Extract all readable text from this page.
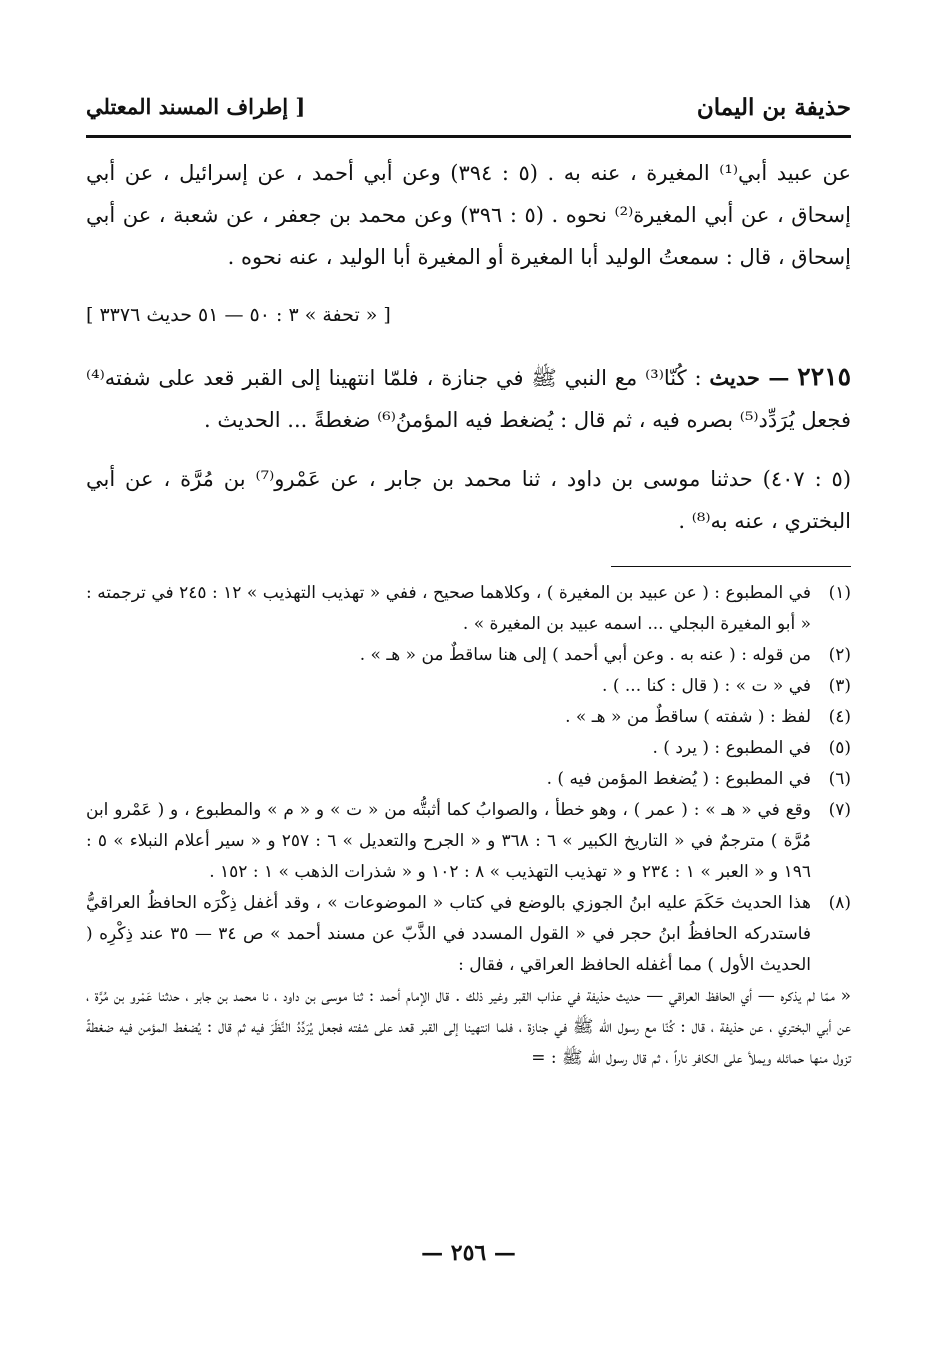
حذيفة بن اليمان
[ إطراف المسند المعتلي
عن عبيد أبي⁽¹⁾ المغيرة ، عنه به . (٥ : ٣٩٤) وعن أبي أحمد ، عن إسرائيل ، عن أبي إسحاق ، عن أبي المغيرة⁽²⁾ نحوه . (٥ : ٣٩٦) وعن محمد بن جعفر ، عن شعبة ، عن أبي إسحاق ، قال : سمعتُ الوليد أبا المغيرة أو المغيرة أبا الوليد ، عنه نحوه .
[ « تحفة » ٣ : ٥٠ — ٥١ حديث ٣٣٧٦ ]
٢٢١٥ — حديث : كُنّا⁽³⁾ مع النبي ﷺ في جنازة ، فلمّا انتهينا إلى القبر قعد على شفته⁽⁴⁾ فجعل يُرَدِّد⁽⁵⁾ بصره فيه ، ثم قال : يُضغط فيه المؤمنُ⁽⁶⁾ ضغطةً ... الحديث .
(٥ : ٤٠٧) حدثنا موسى بن داود ، ثنا محمد بن جابر ، عن عَمْرو⁽⁷⁾ بن مُرَّة ، عن أبي البختري ، عنه به⁽⁸⁾ .
(١)
في المطبوع : ( عن عبيد بن المغيرة ) ، وكلاهما صحيح ، ففي « تهذيب التهذيب » ١٢ : ٢٤٥ في ترجمته : « أبو المغيرة البجلي ... اسمه عبيد بن المغيرة » .
(٢)
من قوله : ( عنه به . وعن أبي أحمد ) إلى هنا ساقطٌ من « هـ » .
(٣)
في « ت » : ( قال : كنا ... ) .
(٤)
لفظ : ( شفته ) ساقطٌ من « هـ » .
(٥)
في المطبوع : ( يرد ) .
(٦)
في المطبوع : ( يُضغط المؤمن فيه ) .
(٧)
وقع في « هـ » : ( عمر ) ، وهو خطأ ، والصوابُ كما أثبتُّه من « ت » و « م » والمطبوع ، و ( عَمْرو ابن مُرَّة ) مترجمٌ في « التاريخ الكبير » ٦ : ٣٦٨ و « الجرح والتعديل » ٦ : ٢٥٧ و « سير أعلام النبلاء » ٥ : ١٩٦ و « العبر » ١ : ٢٣٤ و « تهذيب التهذيب » ٨ : ١٠٢ و « شذرات الذهب » ١ : ١٥٢ .
(٨)
هذا الحديث حَكَمَ عليه ابنُ الجوزي بالوضع في كتاب « الموضوعات » ، وقد أغفل ذِكْرَه الحافظُ العراقيُّ فاستدركه الحافظُ ابنُ حجر في « القول المسدد في الذَّبّ عن مسند أحمد » ص ٣٤ — ٣٥ عند ذِكْرِه ( الحديث الأول ) مما أغفله الحافظ العراقي ، فقال :
« ممّا لم يذكره — أي الحافظ العراقي — حديث حذيفة في عذاب القبر وغير ذلك . قال الإمام أحمد : ثنا موسى بن داود ، نا محمد بن جابر ، حدثنا عَمْرو بن مُرَّة ، عن أبي البختري ، عن حذيفة ، قال : كُنّا مع رسول الله ﷺ في جنازة ، فلما انتهينا إلى القبر قعد على شفته فجعل يُرَدِّدُ النَّظَرَ فيه ثم قال : يُضغط المؤمن فيه ضغطةً تزول منها حمائله ويملأ على الكافر ناراً ، ثم قال رسول الله ﷺ : =
— ٢٥٦ —
